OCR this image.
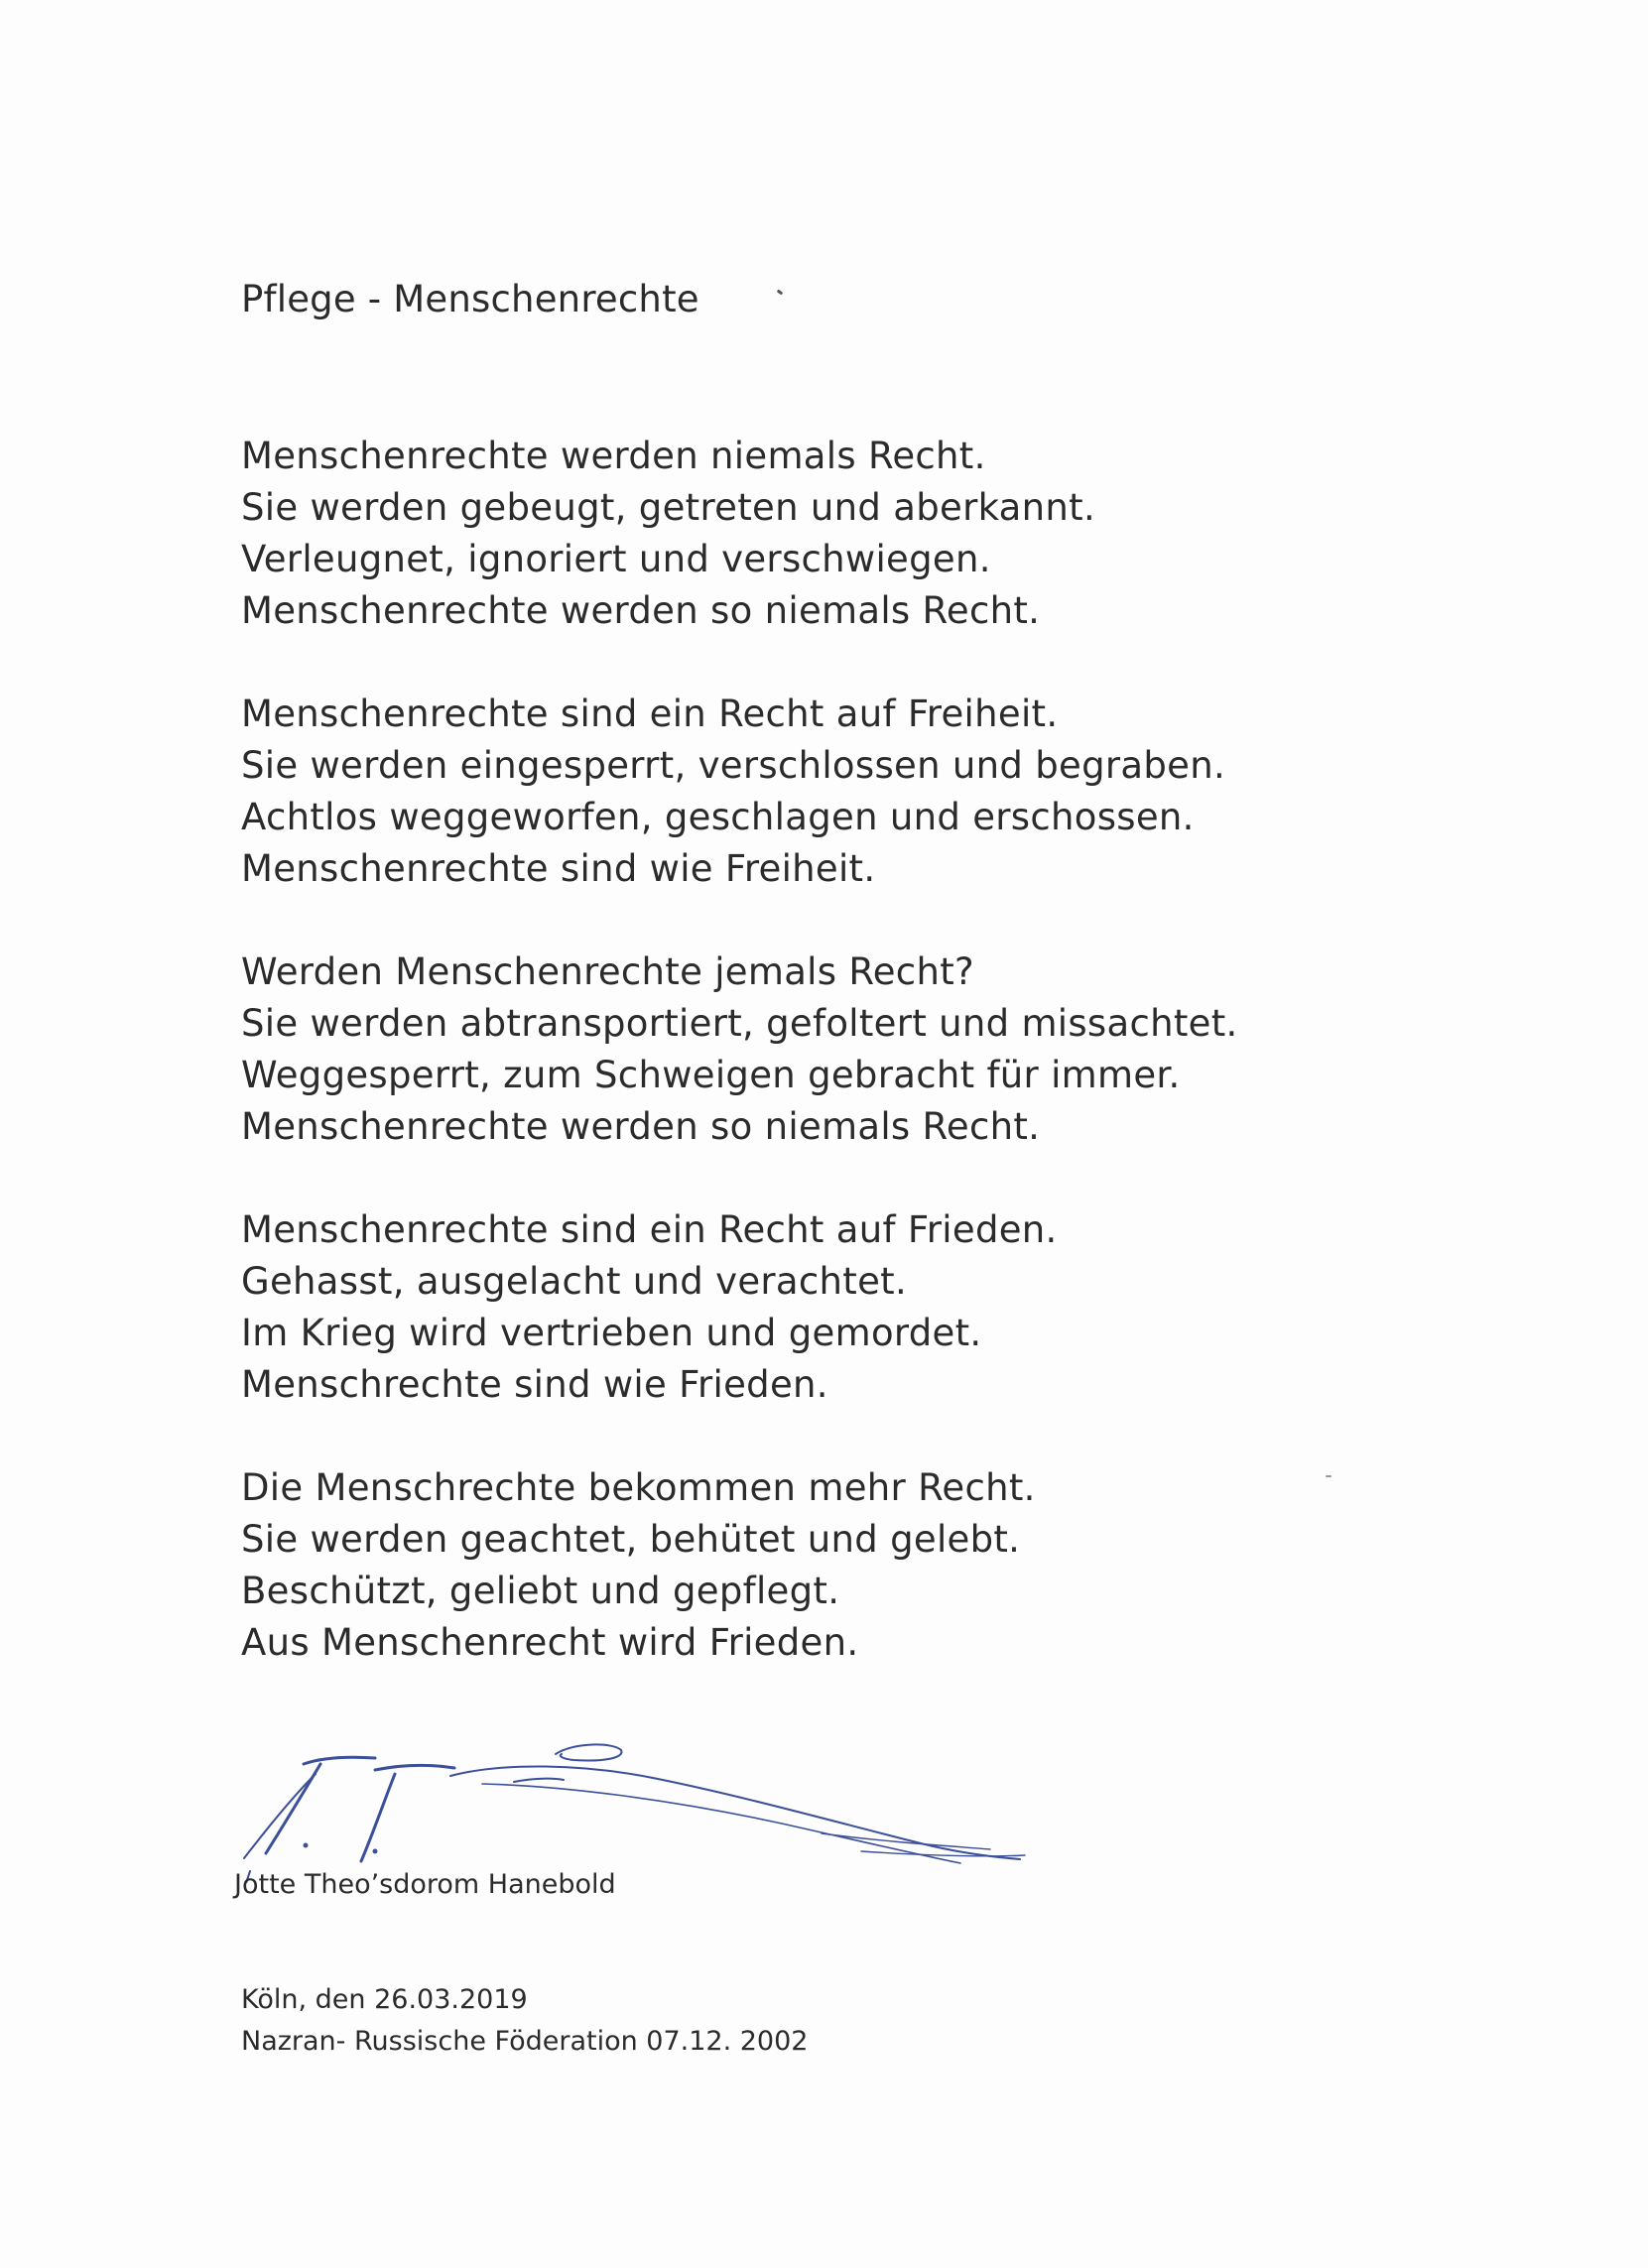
Pflege - Menschenrechte
Menschenrechte werden niemals Recht.
Sie werden gebeugt, getreten und aberkannt.
Verleugnet, ignoriert und verschwiegen.
Menschenrechte werden so niemals Recht.
Menschenrechte sind ein Recht auf Freiheit.
Sie werden eingesperrt, verschlossen und begraben.
Achtlos weggeworfen, geschlagen und erschossen.
Menschenrechte sind wie Freiheit.
Werden Menschenrechte jemals Recht?
Sie werden abtransportiert, gefoltert und missachtet.
Weggesperrt, zum Schweigen gebracht für immer.
Menschenrechte werden so niemals Recht.
Menschenrechte sind ein Recht auf Frieden.
Gehasst, ausgelacht und verachtet.
Im Krieg wird vertrieben und gemordet.
Menschrechte sind wie Frieden.
Die Menschrechte bekommen mehr Recht.
Sie werden geachtet, behütet und gelebt.
Beschützt, geliebt und gepflegt.
Aus Menschenrecht wird Frieden.
Jotte Theo’sdorom Hanebold
Köln, den 26.03.2019
Nazran- Russische Föderation 07.12. 2002
